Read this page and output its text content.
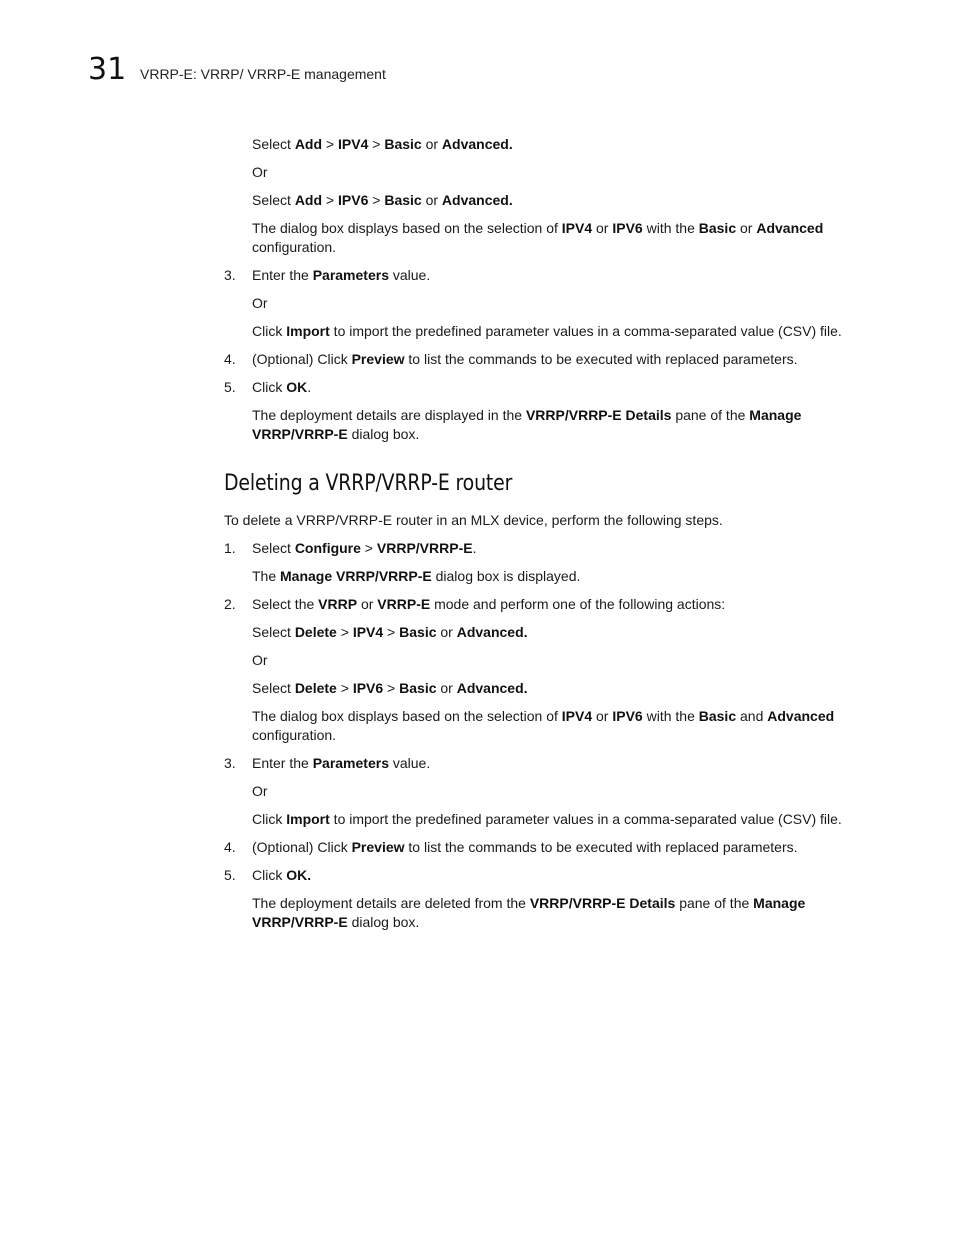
31 VRRP-E: VRRP/ VRRP-E management

Select Add > IPV4 > Basic or Advanced.

Or

Select Add > IPV6 > Basic or Advanced.

The dialog box displays based on the selection of IPV4 or IPV6 with the Basic or Advanced
configuration.

3. Enter the Parameters value.

Or

Click Import to import the predefined parameter values in a comma-separated value (CSV) file.

4. (Optional) Click Preview to list the commands to be executed with replaced parameters.

5. Click OK.

The deployment details are displayed in the VRRP/VRRP-E Details pane of the Manage
VRRP/VRRP-E dialog box.

Deleting a VRRP/VRRP-E router

To delete a VRRP/VRRP-E router in an MLX device, perform the following steps.

1. Select Configure > VRRP/VRRP-E.

The Manage VRRP/VRRP-E dialog box is displayed.

2. Select the VRRP or VRRP-E mode and perform one of the following actions:

Select Delete > IPV4 > Basic or Advanced.

Or

Select Delete > IPV6 > Basic or Advanced.

The dialog box displays based on the selection of IPV4 or IPV6 with the Basic and Advanced
configuration.

3. Enter the Parameters value.

Or

Click Import to import the predefined parameter values in a comma-separated value (CSV) file.

4. (Optional) Click Preview to list the commands to be executed with replaced parameters.

5. Click OK.

The deployment details are deleted from the VRRP/VRRP-E Details pane of the Manage
VRRP/VRRP-E dialog box.
